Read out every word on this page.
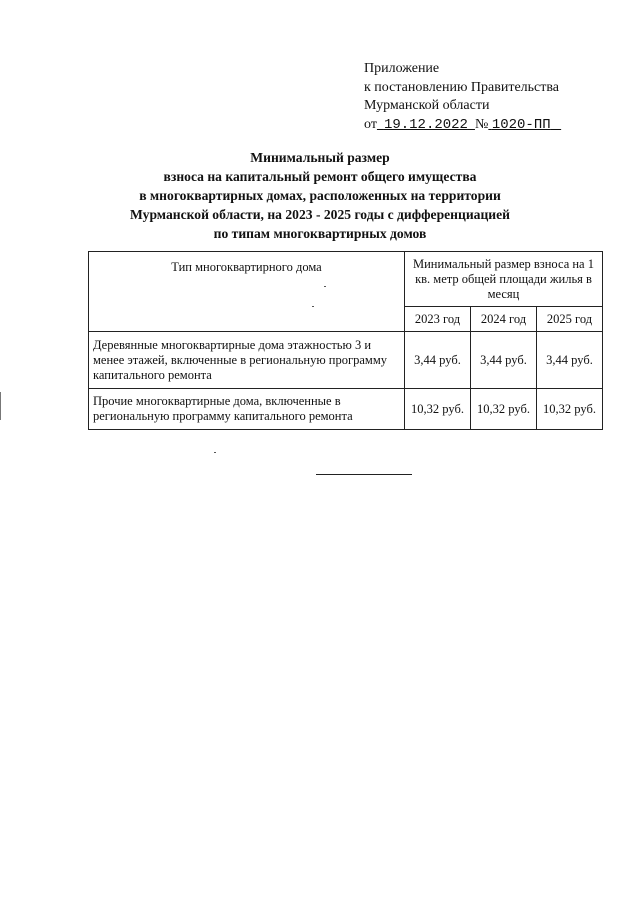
Приложение
к постановлению Правительства
Мурманской области
от 19.12.2022 № 1020-ПП
Минимальный размер
взноса на капитальный ремонт общего имущества
в многоквартирных домах, расположенных на территории
Мурманской области, на 2023 - 2025 годы с дифференциацией
по типам многоквартирных домов
Тип многоквартирного дома	Минимальный размер взноса на 1 кв. метр общей площади жилья в месяц		
	2023 год	2024 год	2025 год
Деревянные многоквартирные дома этажностью 3 и менее этажей, включенные в региональную программу капитального ремонта	3,44 руб.	3,44 руб.	3,44 руб.
Прочие многоквартирные дома, включенные в региональную программу капитального ремонта	10,32 руб.	10,32 руб.	10,32 руб.
